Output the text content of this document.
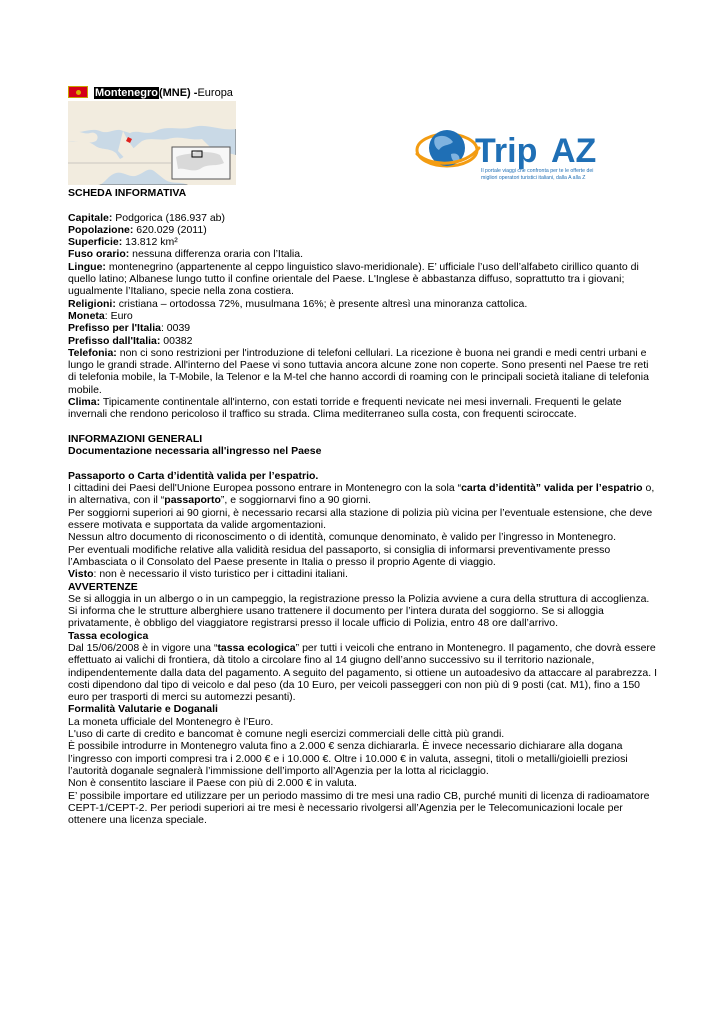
Montenegro(MNE) -Europa
Trip AZ
Il portale viaggi che confronta per te le offerte dei
migliori operatori turistici italiani, dalla A alla Z

SCHEDA INFORMATIVA

Capitale: Podgorica (186.937 ab)

Popolazione: 620.029 (2011)

Superficie: 13.812 km²

Fuso orario: nessuna differenza oraria con l’Italia.

Lingue: montenegrino (appartenente al ceppo linguistico slavo-meridionale). E’ ufficiale l’uso dell’alfabeto cirillico quanto di quello latino; Albanese lungo tutto il confine orientale del Paese. L'Inglese è abbastanza diffuso, soprattutto tra i giovani; ugualmente l’Italiano, specie nella zona costiera.

Religioni: cristiana – ortodossa 72%, musulmana 16%; è presente altresì una minoranza cattolica.

Moneta: Euro

Prefisso per l'Italia: 0039

Prefisso dall'Italia: 00382

Telefonia: non ci sono restrizioni per l'introduzione di telefoni cellulari. La ricezione è buona nei grandi e medi centri urbani e lungo le grandi strade. All'interno del Paese vi sono tuttavia ancora alcune zone non coperte. Sono presenti nel Paese tre reti di telefonia mobile, la T-Mobile, la Telenor e la M-tel che hanno accordi di roaming con le principali società italiane di telefonia mobile.

Clima: Tipicamente continentale all'interno, con estati torride e frequenti nevicate nei mesi invernali. Frequenti le gelate invernali che rendono pericoloso il traffico su strada. Clima mediterraneo sulla costa, con frequenti sciroccate.

INFORMAZIONI GENERALI

Documentazione necessaria all'ingresso nel Paese

Passaporto o Carta d’identità valida per l’espatrio.

I cittadini dei Paesi dell'Unione Europea possono entrare in Montenegro con la sola “carta d’identità” valida per l’espatrio o, in alternativa, con il “passaporto”, e soggiornarvi fino a 90 giorni.

Per soggiorni superiori ai 90 giorni, è necessario recarsi alla stazione di polizia più vicina per l’eventuale estensione, che deve essere motivata e supportata da valide argomentazioni.

Nessun altro documento di riconoscimento o di identità, comunque denominato, è valido per l’ingresso in Montenegro.

Per eventuali modifiche relative alla validità residua del passaporto, si consiglia di informarsi preventivamente presso l’Ambasciata o il Consolato del Paese presente in Italia o presso il proprio Agente di viaggio.

Visto: non è necessario il visto turistico per i cittadini italiani.

AVVERTENZE

Se si alloggia in un albergo o in un campeggio, la registrazione presso la Polizia avviene a cura della struttura di accoglienza. Si informa che le strutture alberghiere usano trattenere il documento per l’intera durata del soggiorno. Se si alloggia privatamente, è obbligo del viaggiatore registrarsi presso il locale ufficio di Polizia, entro 48 ore dall’arrivo.

Tassa ecologica

Dal 15/06/2008 è in vigore una “tassa ecologica” per tutti i veicoli che entrano in Montenegro. Il pagamento, che dovrà essere effettuato ai valichi di frontiera, dà titolo a circolare fino al 14 giugno dell’anno successivo su il territorio nazionale, indipendentemente dalla data del pagamento. A seguito del pagamento, si ottiene un autoadesivo da attaccare al parabrezza. I costi dipendono dal tipo di veicolo e dal peso (da 10 Euro, per veicoli passeggeri con non più di 9 posti (cat. M1), fino a 150 euro per trasporti di merci su automezzi pesanti).

Formalità Valutarie e Doganali

La moneta ufficiale del Montenegro è l’Euro.

L'uso di carte di credito e bancomat è comune negli esercizi commerciali delle città più grandi.

È possibile introdurre in Montenegro valuta fino a 2.000 € senza dichiararla. È invece necessario dichiarare alla dogana l’ingresso con importi compresi tra i 2.000 € e i 10.000 €. Oltre i 10.000 € in valuta, assegni, titoli o metalli/gioielli preziosi l’autorità doganale segnalerà l’immissione dell’importo all’Agenzia per la lotta al riciclaggio.

Non è consentito lasciare il Paese con più di 2.000 € in valuta.

E’ possibile importare ed utilizzare per un periodo massimo di tre mesi una radio CB, purché muniti di licenza di radioamatore CEPT-1/CEPT-2. Per periodi superiori ai tre mesi è necessario rivolgersi all’Agenzia per le Telecomunicazioni locale per ottenere una licenza speciale.
